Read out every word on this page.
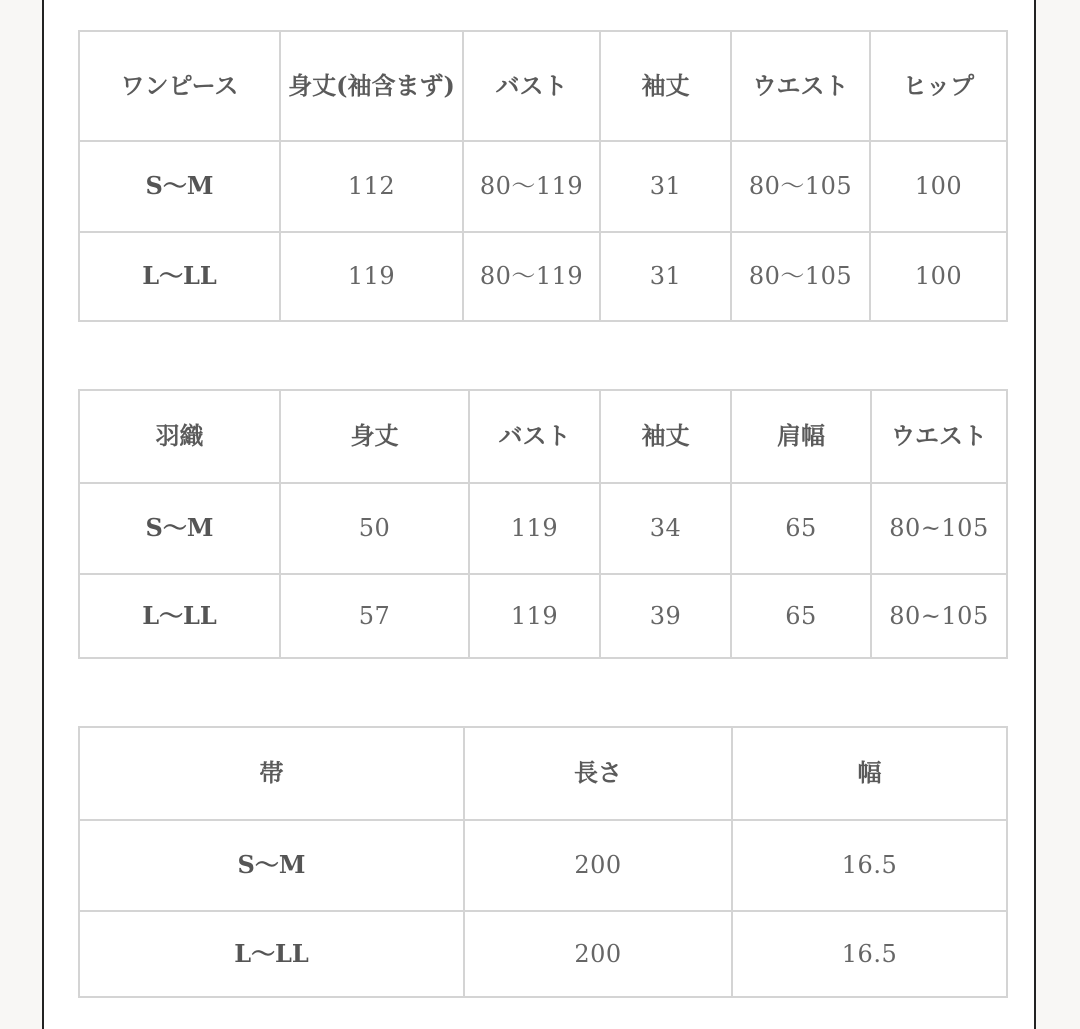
ワンピース	身丈(袖含まず)	バスト	袖丈	ウエスト	ヒップ
S〜M	112	80〜119	31	80〜105	100
L〜LL	119	80〜119	31	80〜105	100
羽織	身丈	バスト	袖丈	肩幅	ウエスト
S〜M	50	119	34	65	80~105
L〜LL	57	119	39	65	80~105
帯	長さ	幅
S〜M	200	16.5
L〜LL	200	16.5
